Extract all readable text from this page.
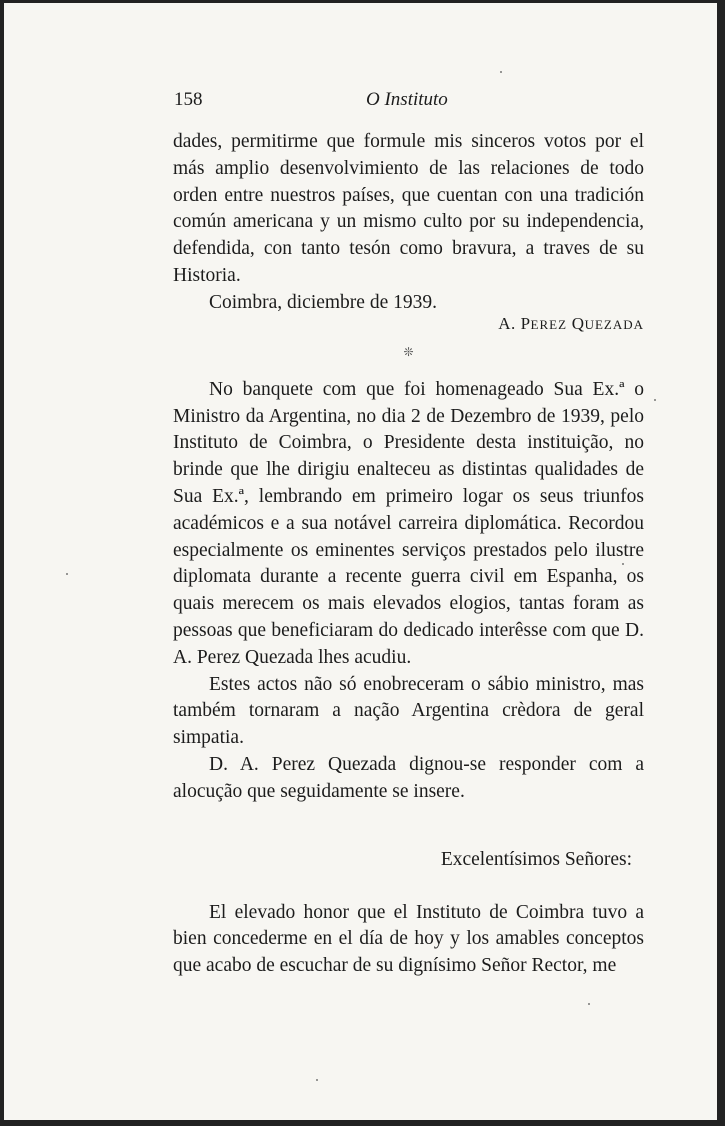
158	O Instituto

dades, permitirme que formule mis sinceros votos por el más amplio desenvolvimiento de las relaciones de todo orden entre nuestros países, que cuentan con una tradición común americana y un mismo culto por su independencia, defendida, con tanto tesón como bravura, a traves de su Historia.

Coimbra, diciembre de 1939.

A. PEREZ QUEZADA

❊

No banquete com que foi homenageado Sua Ex.ª o Ministro da Argentina, no dia 2 de Dezembro de 1939, pelo Instituto de Coimbra, o Presidente desta instituição, no brinde que lhe dirigiu enalteceu as distintas qualidades de Sua Ex.ª, lembrando em primeiro logar os seus triunfos académicos e a sua notável carreira diplomática. Recordou especialmente os eminentes serviços prestados pelo ilustre diplomata durante a recente guerra civil em Espanha, os quais merecem os mais elevados elogios, tantas foram as pessoas que beneficiaram do dedicado interêsse com que D. A. Perez Quezada lhes acudiu.

Estes actos não só enobreceram o sábio ministro, mas também tornaram a nação Argentina crèdora de geral simpatia.

D. A. Perez Quezada dignou-se responder com a alocução que seguidamente se insere.

Excelentísimos Señores:

El elevado honor que el Instituto de Coimbra tuvo a bien concederme en el día de hoy y los amables conceptos que acabo de escuchar de su dignísimo Señor Rector, me
